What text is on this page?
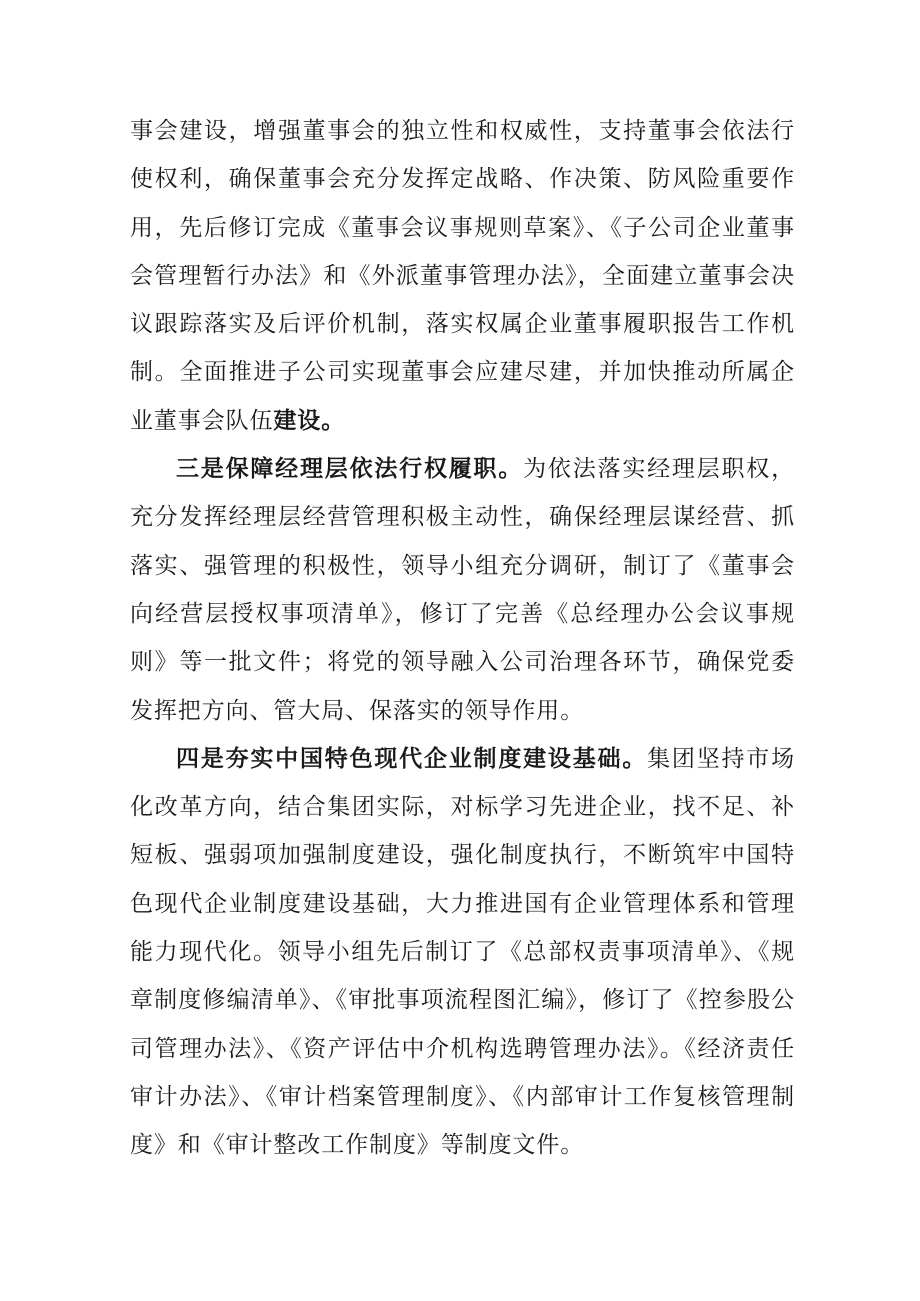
事会建设，增强董事会的独立性和权威性，支持董事会依法行使权利，确保董事会充分发挥定战略、作决策、防风险重要作用，先后修订完成《董事会议事规则草案》、《子公司企业董事会管理暂行办法》和《外派董事管理办法》，全面建立董事会决议跟踪落实及后评价机制，落实权属企业董事履职报告工作机制。全面推进子公司实现董事会应建尽建，并加快推动所属企业董事会队伍建设。

三是保障经理层依法行权履职。为依法落实经理层职权，充分发挥经理层经营管理积极主动性，确保经理层谋经营、抓落实、强管理的积极性，领导小组充分调研，制订了《董事会向经营层授权事项清单》，修订了完善《总经理办公会议事规则》等一批文件；将党的领导融入公司治理各环节，确保党委发挥把方向、管大局、保落实的领导作用。

四是夯实中国特色现代企业制度建设基础。集团坚持市场化改革方向，结合集团实际，对标学习先进企业，找不足、补短板、强弱项加强制度建设，强化制度执行，不断筑牢中国特色现代企业制度建设基础，大力推进国有企业管理体系和管理能力现代化。领导小组先后制订了《总部权责事项清单》、《规章制度修编清单》、《审批事项流程图汇编》，修订了《控参股公司管理办法》、《资产评估中介机构选聘管理办法》。《经济责任审计办法》、《审计档案管理制度》、《内部审计工作复核管理制度》和《审计整改工作制度》等制度文件。
